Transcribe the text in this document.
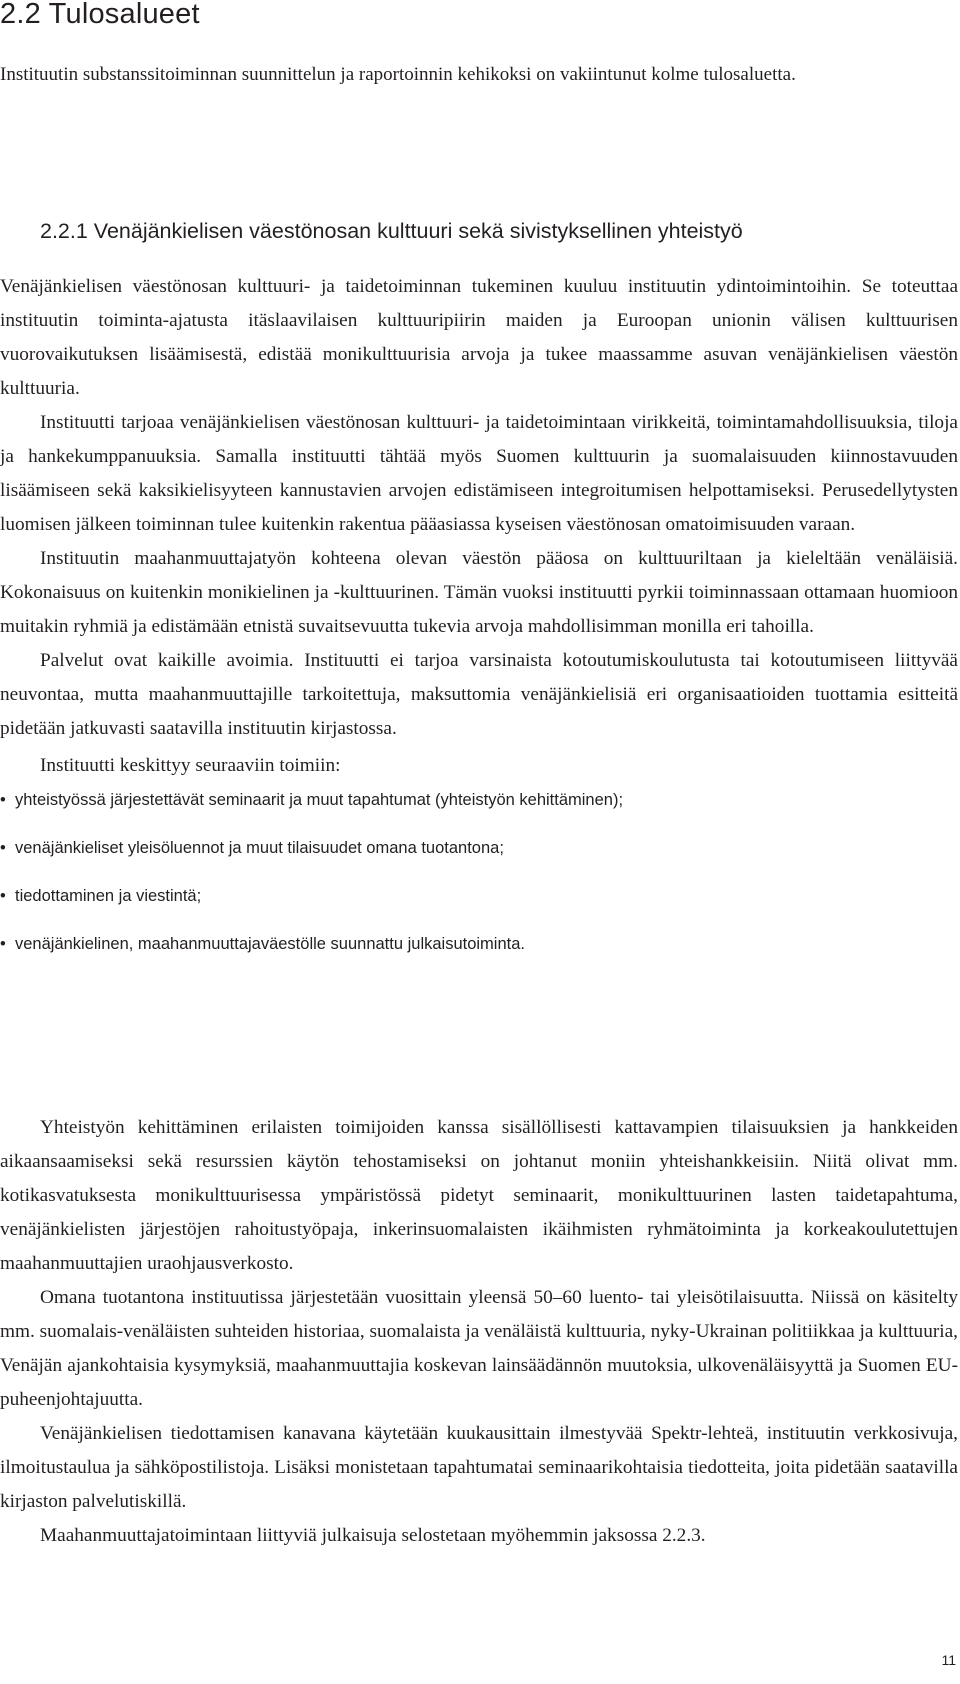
2.2 Tulosalueet

Instituutin substanssitoiminnan suunnittelun ja raportoinnin kehikoksi on vakiintunut kolme tulosaluetta.

2.2.1 Venäjänkielisen väestönosan kulttuuri sekä sivistyksellinen yhteistyö

Venäjänkielisen väestönosan kulttuuri- ja taidetoiminnan tukeminen kuuluu instituutin ydintoimintoihin. Se toteuttaa instituutin toiminta-ajatusta itäslaavilaisen kulttuuripiirin maiden ja Euroopan unionin välisen kulttuurisen vuorovaikutuksen lisäämisestä, edistää monikulttuurisia arvoja ja tukee maassamme asuvan venäjänkielisen väestön kulttuuria.

Instituutti tarjoaa venäjänkielisen väestönosan kulttuuri- ja taidetoimintaan virikkeitä, toimintamahdollisuuksia, tiloja ja hankekumppanuuksia. Samalla instituutti tähtää myös Suomen kulttuurin ja suomalaisuuden kiinnostavuuden lisäämiseen sekä kaksikielisyyteen kannustavien arvojen edistämiseen integroitumisen helpottamiseksi. Perusedellytysten luomisen jälkeen toiminnan tulee kuitenkin rakentua pääasiassa kyseisen väestönosan omatoimisuuden varaan.

Instituutin maahanmuuttajatyön kohteena olevan väestön pääosa on kulttuuriltaan ja kieleltään venäläisiä. Kokonaisuus on kuitenkin monikielinen ja -kulttuurinen. Tämän vuoksi instituutti pyrkii toiminnassaan ottamaan huomioon muitakin ryhmiä ja edistämään etnistä suvaitsevuutta tukevia arvoja mahdollisimman monilla eri tahoilla.

Palvelut ovat kaikille avoimia. Instituutti ei tarjoa varsinaista kotoutumiskoulutusta tai kotoutumiseen liittyvää neuvontaa, mutta maahanmuuttajille tarkoitettuja, maksuttomia venäjänkielisiä eri organisaatioiden tuottamia esitteitä pidetään jatkuvasti saatavilla instituutin kirjastossa.

Instituutti keskittyy seuraaviin toimiin:

• yhteistyössä järjestettävät seminaarit ja muut tapahtumat (yhteistyön kehittäminen);
• venäjänkieliset yleisöluennot ja muut tilaisuudet omana tuotantona;
• tiedottaminen ja viestintä;
• venäjänkielinen, maahanmuuttajaväestölle suunnattu julkaisutoiminta.

Yhteistyön kehittäminen erilaisten toimijoiden kanssa sisällöllisesti kattavampien tilaisuuksien ja hankkeiden aikaansaamiseksi sekä resurssien käytön tehostamiseksi on johtanut moniin yhteishankkeisiin. Niitä olivat mm. kotikasvatuksesta monikulttuurisessa ympäristössä pidetyt seminaarit, monikulttuurinen lasten taidetapahtuma, venäjänkielisten järjestöjen rahoitustyöpaja, inkerinsuomalaisten ikäihmisten ryhmätoiminta ja korkeakoulutettujen maahanmuuttajien uraohjausverkosto.

Omana tuotantona instituutissa järjestetään vuosittain yleensä 50–60 luento- tai yleisötilaisuutta. Niissä on käsitelty mm. suomalais-venäläisten suhteiden historiaa, suomalaista ja venäläistä kulttuuria, nyky-Ukrainan politiikkaa ja kulttuuria, Venäjän ajankohtaisia kysymyksiä, maahanmuuttajia koskevan lainsäädännön muutoksia, ulkovenäläisyyttä ja Suomen EU-puheenjohtajuutta.

Venäjänkielisen tiedottamisen kanavana käytetään kuukausittain ilmestyvää Spektr-lehteä, instituutin verkkosivuja, ilmoitustaulua ja sähköpostilistoja. Lisäksi monistetaan tapahtumatai seminaarikohtaisia tiedotteita, joita pidetään saatavilla kirjaston palvelutiskillä.

Maahanmuuttajatoimintaan liittyviä julkaisuja selostetaan myöhemmin jaksossa 2.2.3.

11
